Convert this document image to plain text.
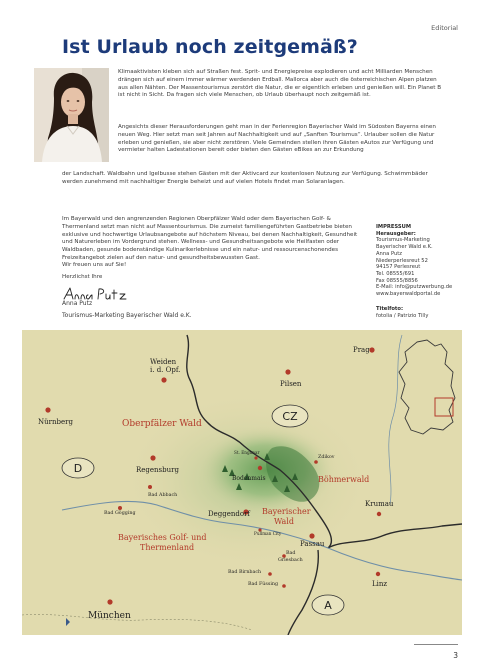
Editorial
Ist Urlaub noch zeitgemäß?

Klimaaktivisten kleben sich auf Straßen fest. Sprit- und Energiepreise explodieren und acht Milliarden Menschen drängen sich auf einem immer wärmer werdenden Erdball. Mallorca aber auch die österreichischen Alpen platzen aus allen Nähten. Der Massentourismus zerstört die Natur, die er eigentlich erleben und genießen will. Ein Planet B ist nicht in Sicht. Da fragen sich viele Menschen, ob Urlaub überhaupt noch zeitgemäß ist.

Angesichts dieser Herausforderungen geht man in der Ferienregion Bayerischer Wald im Südosten Bayerns einen neuen Weg. Hier setzt man seit Jahren auf Nachhaltigkeit und auf „Sanften Tourismus“. Urlauber sollen die Natur erleben und genießen, sie aber nicht zerstören. Viele Gemeinden stellen ihren Gästen eAutos zur Verfügung und vermieter halten Ladestationen bereit oder bieten den Gästen eBikes an zur Erkundung

der Landschaft. Waldbahn und Igelbusse stehen Gästen mit der Aktivcard zur kostenlosen Nutzung zur Verfügung. Schwimmbäder werden zunehmend mit nachhaltiger Energie beheizt und auf vielen Hotels findet man Solaranlagen.

Im Bayerwald und den angrenzenden Regionen Oberpfälzer Wald oder dem Bayerischen Golf- & Thermenland setzt man nicht auf Massentourismus. Die zumeist familiengeführten Gastbetriebe bieten exklusive und hochwertige Urlaubsangebote auf höchstem Niveau, bei denen Nachhaltigkeit, Gesundheit und Naturerleben im Vordergrund stehen. Wellness- und Gesundheitsangebote wie Heilfasten oder Waldbaden, gesunde bodenständige Kulinarikerlebnisse und ein natur- und ressourcenschonendes Freizeitangebot zielen auf den natur- und gesundheitsbewussten Gast.

Wir freuen uns auf Sie!

Herzlichst Ihre

Anna Putz
Tourismus-Marketing Bayerischer Wald e.K.
IMPRESSUM
Herausgeber:
Tourismus-Marketing
Bayerischer Wald e.K.
Anna Putz
Niederperlesreut 52
94157 Perlesreut
Tel. 08555/691
Fax 08555/8856
E-Mail: info@putzwerbung.de
www.bayerwaldportal.de
Titelfoto:
fotolia / Patrizio Tilly
CZ
D
A
Weiden
i. d. Opf.
Pilsen
Prag
Nürnberg
Regensburg
Bad Abbach
Bad Gögging	Deggendorf
Bodenmais
St. Englmar
Passau
Krumau
Zdikov
Linz
München
Pullman City
Bad
Griesbach
Bad Birnbach
Bad Füssing
Oberpfälzer Wald
Böhmerwald
Bayerischer
Wald
Bayerisches Golf- und
Thermenland
3
